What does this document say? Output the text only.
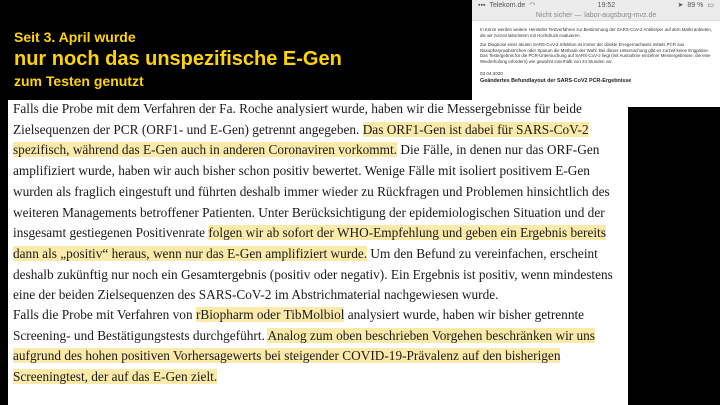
Seit 3. April wurde
nur noch das unspezifische E-Gen
zum Testen genutzt
▪▪▪ Telekom.de ◠	19:52	➤ 89 % ▭
Nicht sicher — labor-augsburg-mvz.de

In Kürze werden weitere Hersteller Testverfahren zur Bestimmung der SARS-CoV-2 Antikörper auf dem Markt anbieten, die wir zurzeit laborintern mit Hochdruck evaluieren.

Zur Diagnose einer akuten SARS-CoV-2 Infektion ist immer der direkte Erregernachweis mittels PCR aus Nasopharynxabstrichen oder Sputum die Methode der Wahl. Bei dieser Untersuchung gibt es zurzeit keine Engpässe. Das Testergebnis für die PCR-Untersuchung auf SARS-CoV-2 liegt (mit Ausnahme einzelner Messergebnisse, die eine Wiederholung erfordern) wie gewohnt innerhalb von 24 Stunden vor.

03.04.2020
Geändertes Befundlayout der SARS-CoV2 PCR-Ergebnisse

Falls die Probe mit dem Verfahren der Fa. Roche analysiert wurde, haben wir die Messergebnisse für beide Zielsequenzen der PCR (ORF1- und E-Gen) getrennt angegeben. Das ORF1-Gen ist dabei für SARS-CoV-2 spezifisch, während das E-Gen auch in anderen Coronaviren vorkommt. Die Fälle, in denen nur das ORF-Gen amplifiziert wurde, haben wir auch bisher schon positiv bewertet. Wenige Fälle mit isoliert positivem E-Gen wurden als fraglich eingestuft und führten deshalb immer wieder zu Rückfragen und Problemen hinsichtlich des weiteren Managements betroffener Patienten. Unter Berücksichtigung der epidemiologischen Situation und der insgesamt gestiegenen Positivenrate folgen wir ab sofort der WHO-Empfehlung und geben ein Ergebnis bereits dann als „positiv“ heraus, wenn nur das E-Gen amplifiziert wurde. Um den Befund zu vereinfachen, erscheint deshalb zukünftig nur noch ein Gesamtergebnis (positiv oder negativ). Ein Ergebnis ist positiv, wenn mindestens eine der beiden Zielsequenzen des SARS-CoV-2 im Abstrichmaterial nachgewiesen wurde.

Falls die Probe mit Verfahren von rBiopharm oder TibMolbiol analysiert wurde, haben wir bisher getrennte Screening- und Bestätigungstests durchgeführt. Analog zum oben beschrieben Vorgehen beschränken wir uns aufgrund des hohen positiven Vorhersagewerts bei steigender COVID-19-Prävalenz auf den bisherigen Screeningtest, der auf das E-Gen zielt.
